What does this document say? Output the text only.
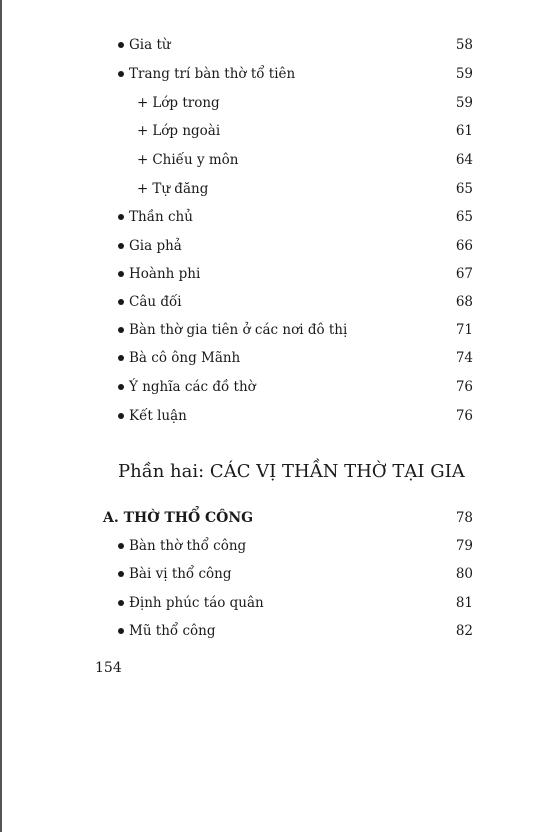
Gia từ	58
Trang trí bàn thờ tổ tiên	59
+ Lớp trong	59
+ Lớp ngoài	61
+ Chiếu y môn	64
+ Tự đăng	65
Thần chủ	65
Gia phả	66
Hoành phi	67
Câu đối	68
Bàn thờ gia tiên ở các nơi đô thị	71
Bà cô ông Mãnh	74
Ý nghĩa các đồ thờ	76
Kết luận	76
Phần hai: CÁC VỊ THẦN THỜ TẠI GIA
A. THỜ THỔ CÔNG	78
Bàn thờ thổ công	79
Bài vị thổ công	80
Định phúc táo quân	81
Mũ thổ công	82
154
